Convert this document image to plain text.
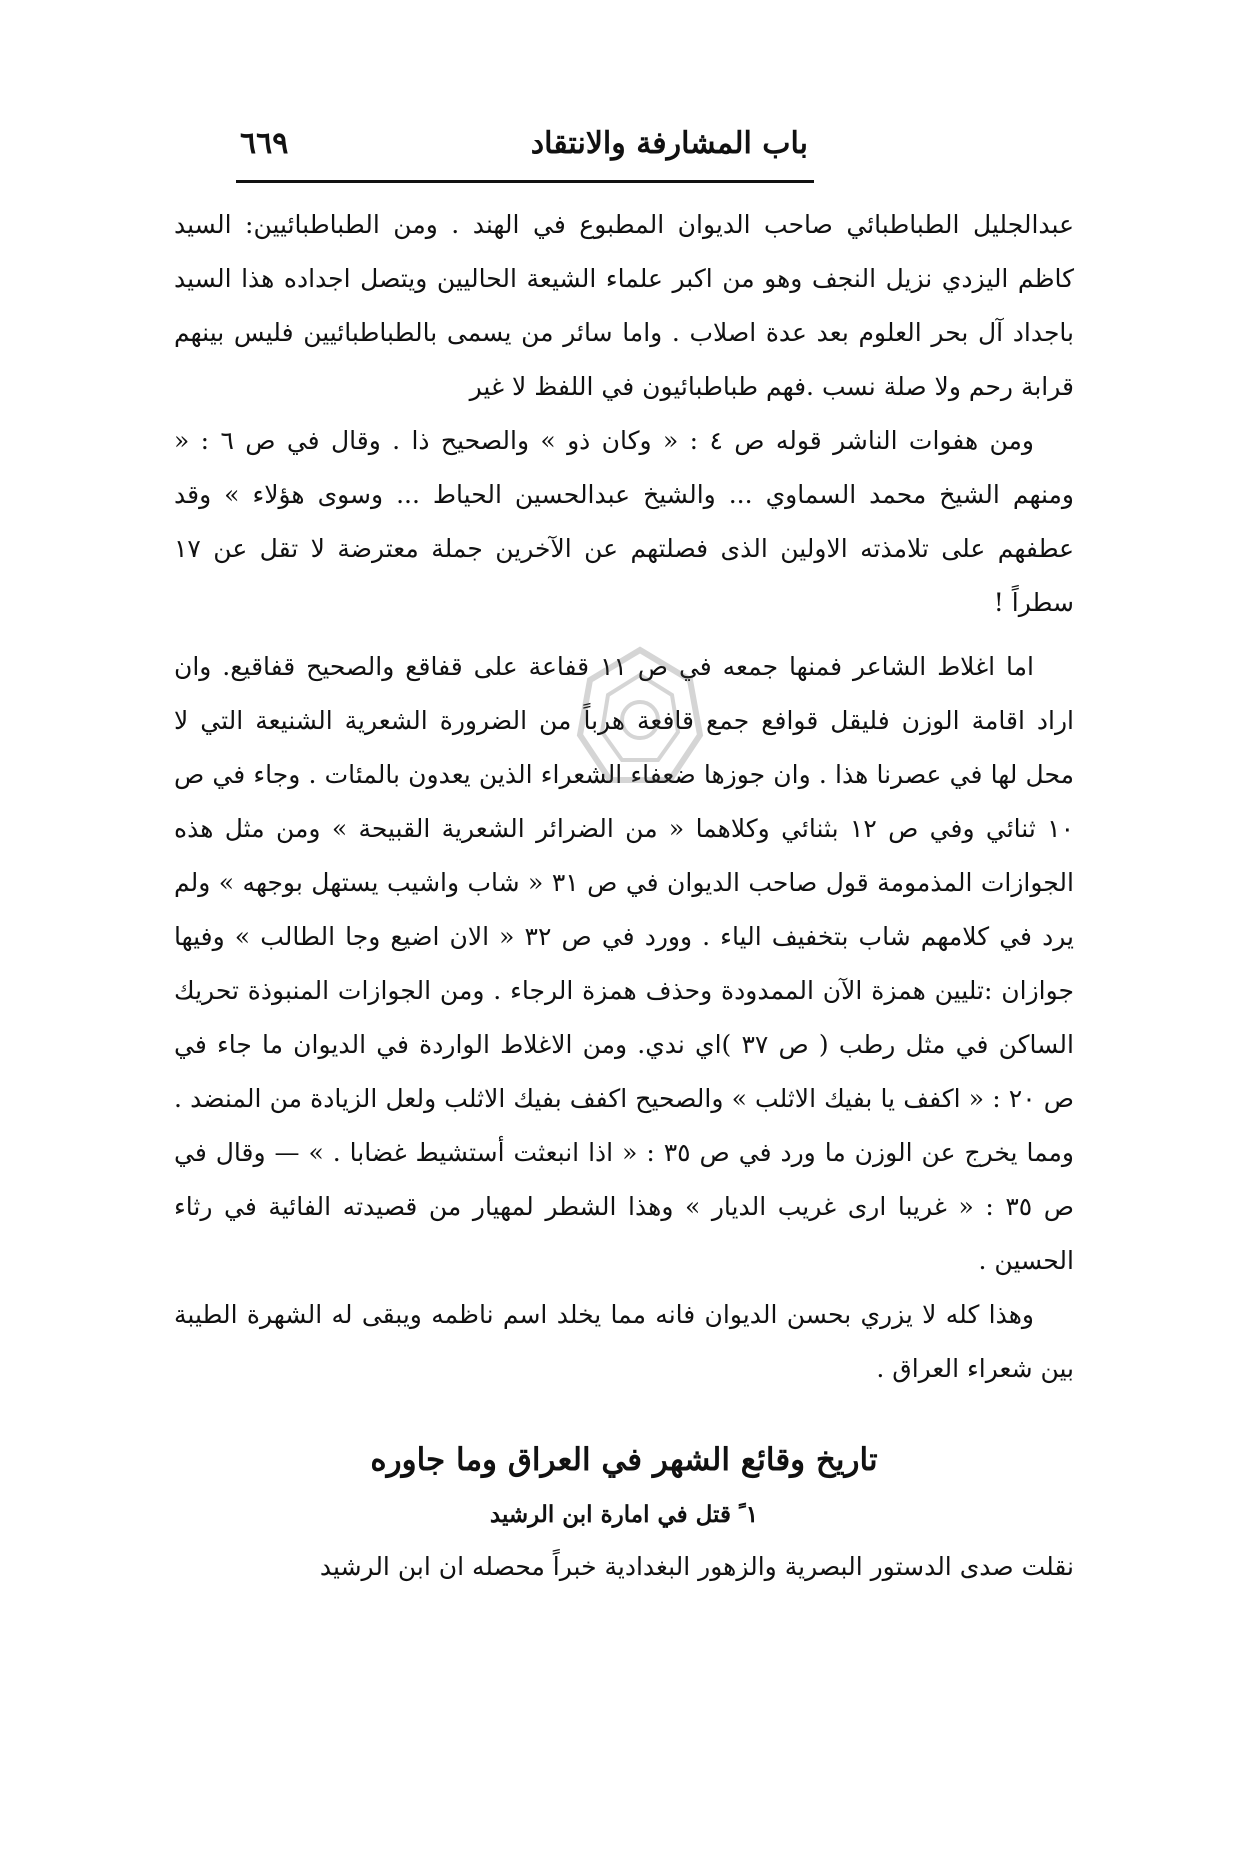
باب المشارفة والانتقاد
٦٦٩

عبدالجليل الطباطبائي صاحب الديوان المطبوع في الهند . ومن الطباطبائيين: السيد كاظم اليزدي نزيل النجف وهو من اكبر علماء الشيعة الحاليين ويتصل اجداده هذا السيد باجداد آل بحر العلوم بعد عدة اصلاب . واما سائر من يسمى بالطباطبائيين فليس بينهم قرابة رحم ولا صلة نسب .فهم طباطبائيون في اللفظ لا غير

ومن هفوات الناشر قوله ص ٤ : « وكان ذو » والصحيح ذا . وقال في ص ٦ : « ومنهم الشيخ محمد السماوي ... والشيخ عبدالحسين الحياط ... وسوى هؤلاء » وقد عطفهم على تلامذته الاولين الذى فصلتهم عن الآخرين جملة معترضة لا تقل عن ١٧ سطراً !

اما اغلاط الشاعر فمنها جمعه في ص ١١ قفاعة على قفاقع والصحيح قفاقيع. وان اراد اقامة الوزن فليقل قوافع جمع قافعة هرباً من الضرورة الشعرية الشنيعة التي لا محل لها في عصرنا هذا . وان جوزها ضعفاء الشعراء الذين يعدون بالمئات . وجاء في ص ١٠ ثنائي وفي ص ١٢ بثنائي وكلاهما « من الضرائر الشعرية القبيحة » ومن مثل هذه الجوازات المذمومة قول صاحب الديوان في ص ٣١ « شاب واشيب يستهل بوجهه » ولم يرد في كلامهم شاب بتخفيف الياء . وورد في ص ٣٢ « الان اضيع وجا الطالب » وفيها جوازان :تليين همزة الآن الممدودة وحذف همزة الرجاء . ومن الجوازات المنبوذة تحريك الساكن في مثل رطب ( ص ٣٧ )اي ندي. ومن الاغلاط الواردة في الديوان ما جاء في ص ٢٠ : « اكفف يا بفيك الاثلب » والصحيح اكفف بفيك الاثلب ولعل الزيادة من المنضد . ومما يخرج عن الوزن ما ورد في ص ٣٥ : « اذا انبعثت أستشيط غضابا . » — وقال في ص ٣٥ : « غريبا ارى غريب الديار » وهذا الشطر لمهيار من قصيدته الفائية في رثاء الحسين .

وهذا كله لا يزري بحسن الديوان فانه مما يخلد اسم ناظمه ويبقى له الشهرة الطيبة بين شعراء العراق .

تاريخ وقائع الشهر في العراق وما جاوره
١ ً قتل في امارة ابن الرشيد

نقلت صدى الدستور البصرية والزهور البغدادية خبراً محصله ان ابن الرشيد
